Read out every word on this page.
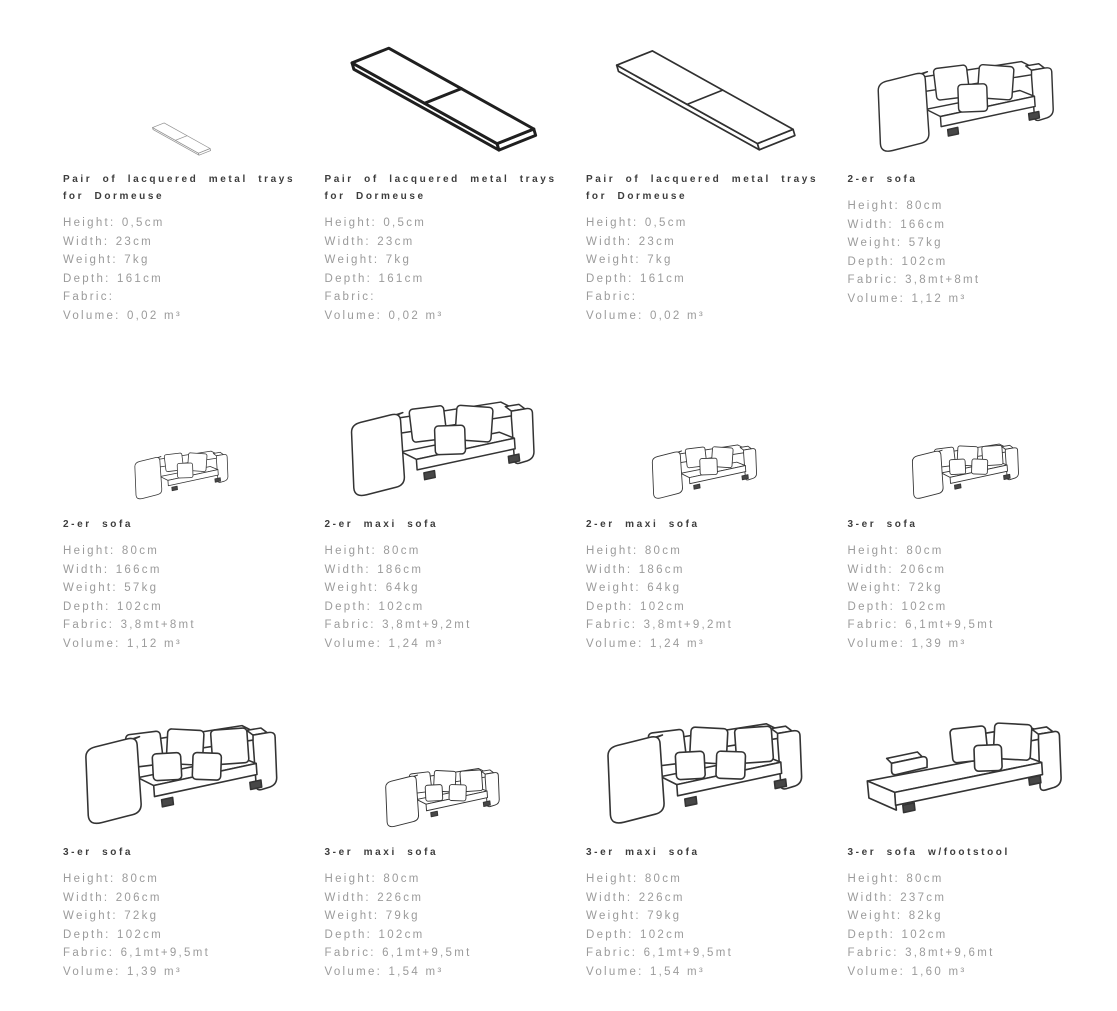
Pair of lacquered metal trays for Dormeuse
Height: 0,5cm
Width: 23cm
Weight: 7kg
Depth: 161cm
Fabric:
Volume: 0,02 m³
Pair of lacquered metal trays for Dormeuse
Height: 0,5cm
Width: 23cm
Weight: 7kg
Depth: 161cm
Fabric:
Volume: 0,02 m³
Pair of lacquered metal trays for Dormeuse
Height: 0,5cm
Width: 23cm
Weight: 7kg
Depth: 161cm
Fabric:
Volume: 0,02 m³
2-er sofa
Height: 80cm
Width: 166cm
Weight: 57kg
Depth: 102cm
Fabric: 3,8mt+8mt
Volume: 1,12 m³
2-er sofa
Height: 80cm
Width: 166cm
Weight: 57kg
Depth: 102cm
Fabric: 3,8mt+8mt
Volume: 1,12 m³
2-er maxi sofa
Height: 80cm
Width: 186cm
Weight: 64kg
Depth: 102cm
Fabric: 3,8mt+9,2mt
Volume: 1,24 m³
2-er maxi sofa
Height: 80cm
Width: 186cm
Weight: 64kg
Depth: 102cm
Fabric: 3,8mt+9,2mt
Volume: 1,24 m³
3-er sofa
Height: 80cm
Width: 206cm
Weight: 72kg
Depth: 102cm
Fabric: 6,1mt+9,5mt
Volume: 1,39 m³
3-er sofa
Height: 80cm
Width: 206cm
Weight: 72kg
Depth: 102cm
Fabric: 6,1mt+9,5mt
Volume: 1,39 m³
3-er maxi sofa
Height: 80cm
Width: 226cm
Weight: 79kg
Depth: 102cm
Fabric: 6,1mt+9,5mt
Volume: 1,54 m³
3-er maxi sofa
Height: 80cm
Width: 226cm
Weight: 79kg
Depth: 102cm
Fabric: 6,1mt+9,5mt
Volume: 1,54 m³
3-er sofa w/footstool
Height: 80cm
Width: 237cm
Weight: 82kg
Depth: 102cm
Fabric: 3,8mt+9,6mt
Volume: 1,60 m³
